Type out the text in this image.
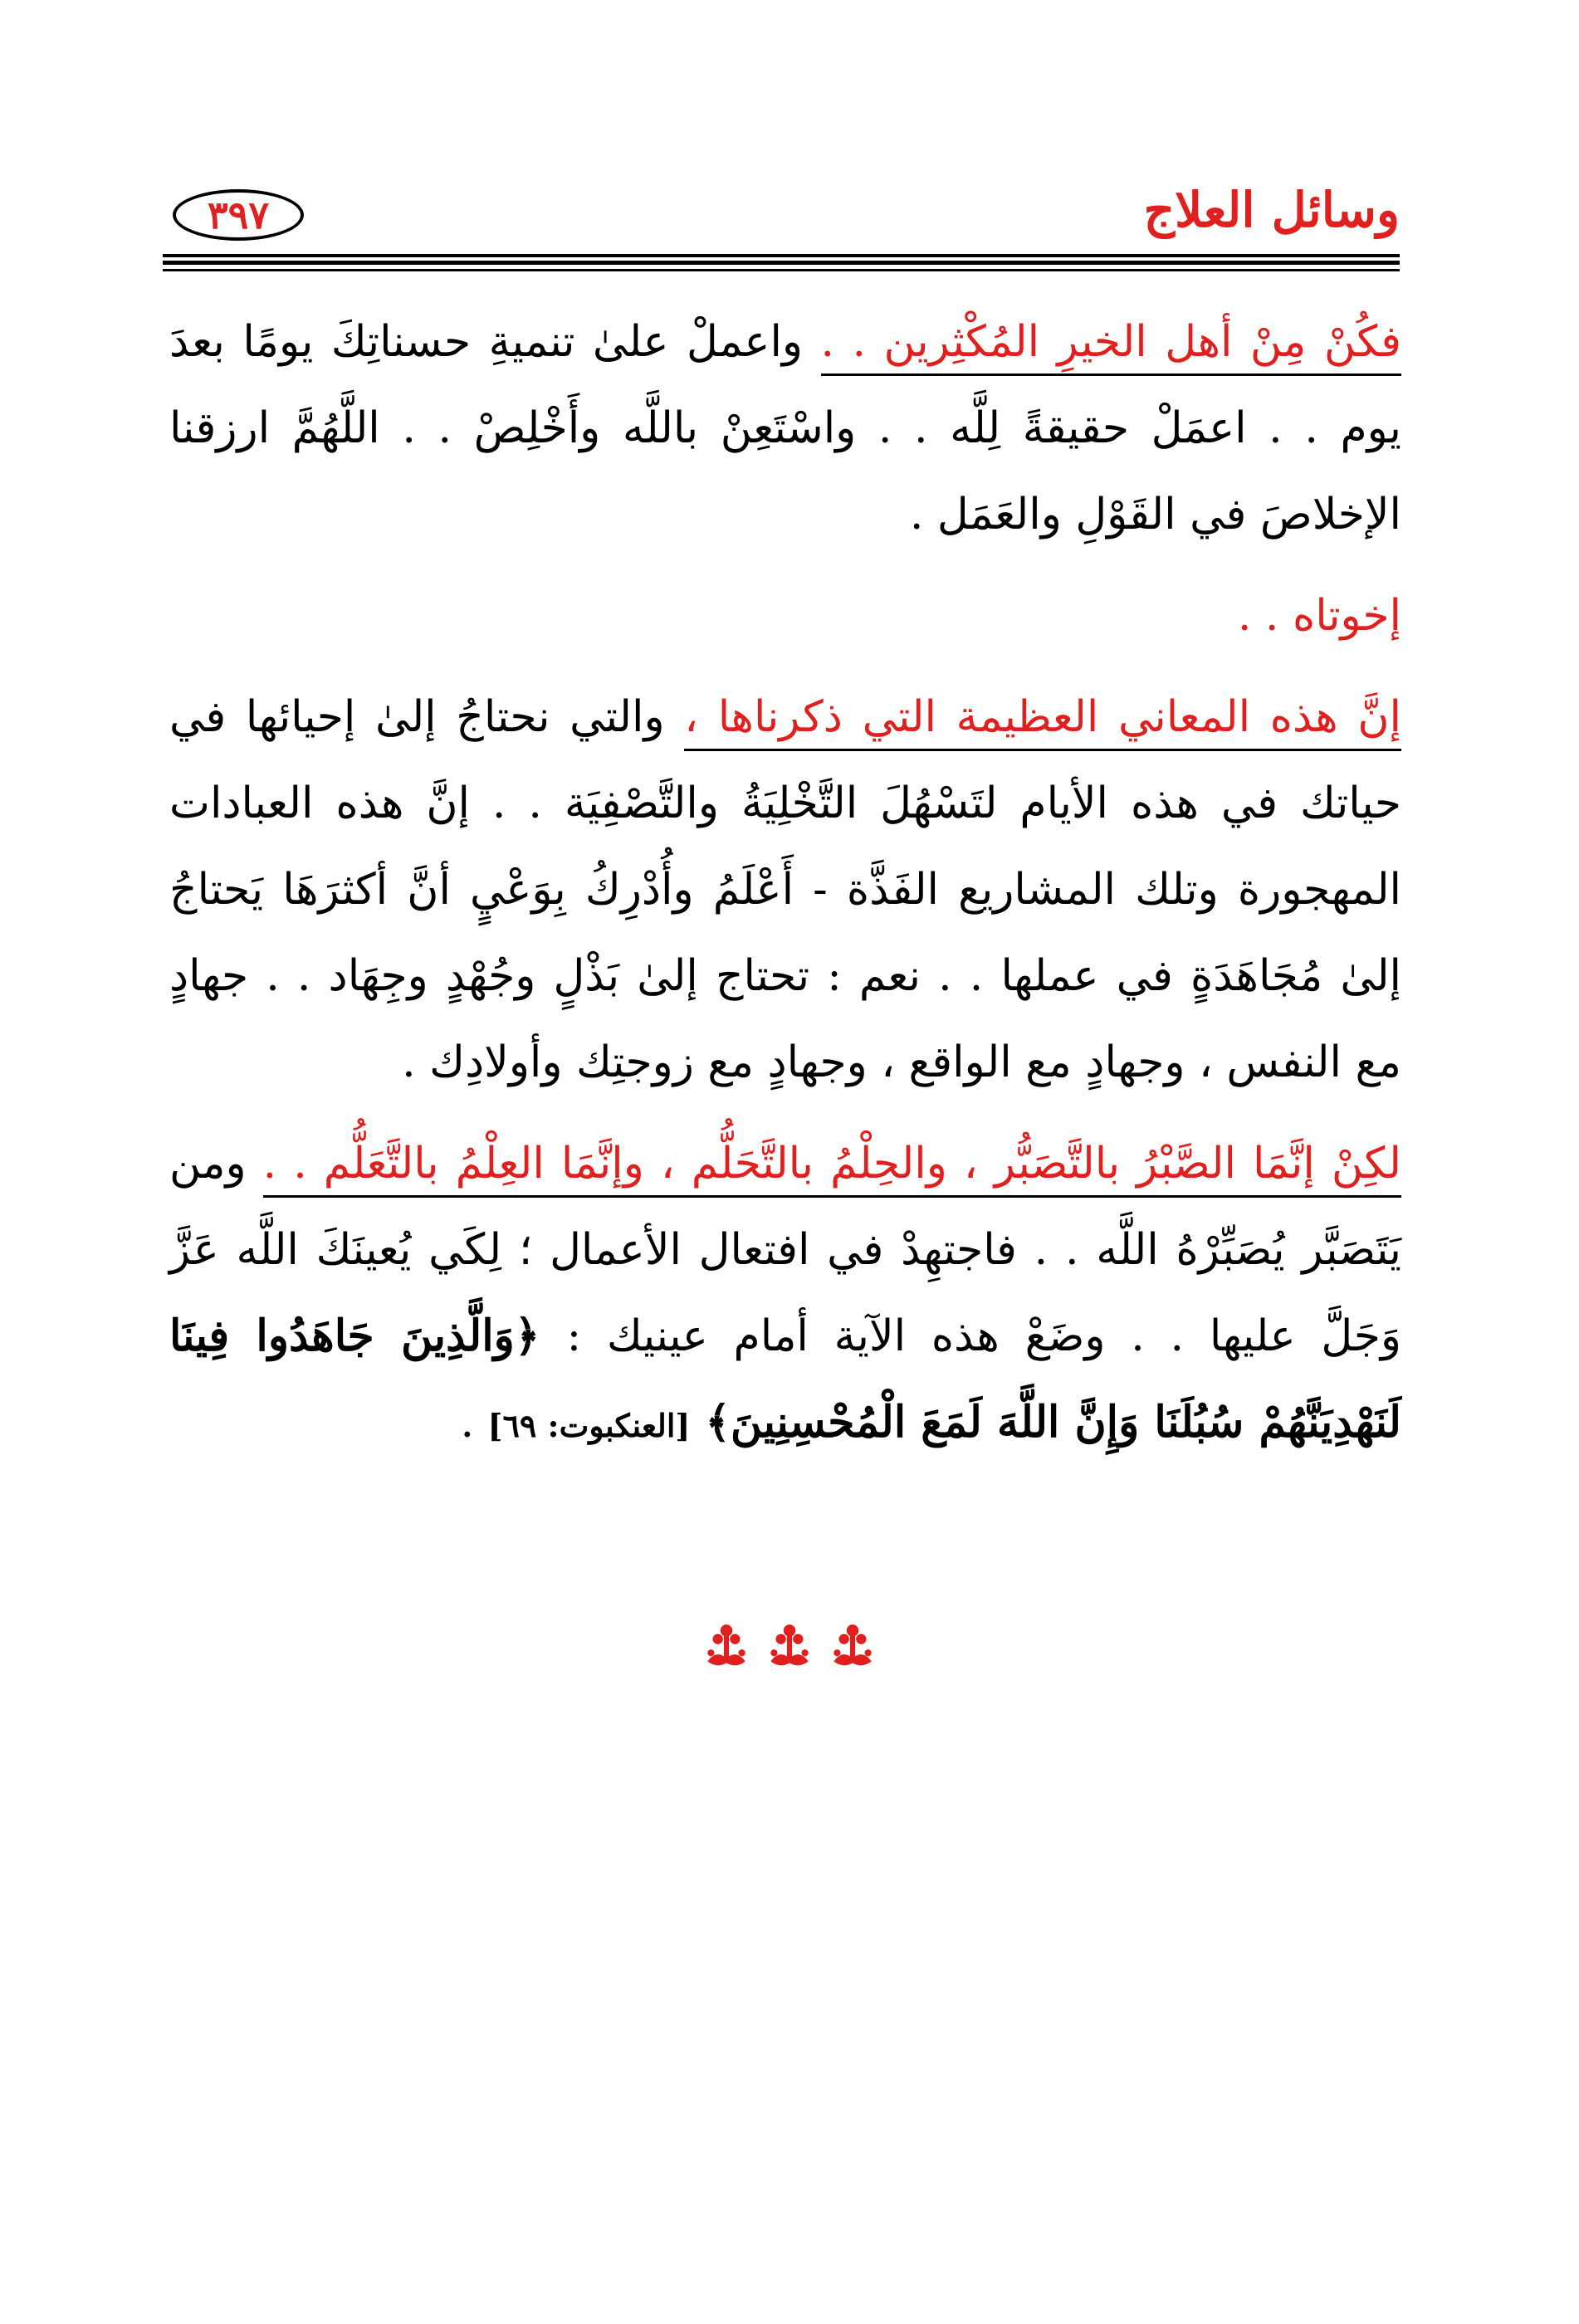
وسائل العلاج
٣٩٧

فكُنْ مِنْ أهل الخيرِ المُكْثِرين . . واعملْ علىٰ تنميةِ حسناتِكَ يومًا بعدَ يوم . . اعمَلْ حقيقةً لِلَّه . . واسْتَعِنْ باللَّه وأَخْلِصْ . . اللَّهُمَّ ارزقنا الإخلاصَ في القَوْلِ والعَمَل .

إخوتاه . .

إنَّ هذه المعاني العظيمة التي ذكرناها ، والتي نحتاجُ إلىٰ إحيائها في حياتك في هذه الأيام لتَسْهُلَ التَّخْلِيَةُ والتَّصْفِيَة . . إنَّ هذه العبادات المهجورة وتلك المشاريع الفَذَّة - أَعْلَمُ وأُدْرِكُ بِوَعْيٍ أنَّ أكثرَهَا يَحتاجُ إلىٰ مُجَاهَدَةٍ في عملها . . نعم : تحتاج إلىٰ بَذْلٍ وجُهْدٍ وجِهَاد . . جهادٍ مع النفس ، وجهادٍ مع الواقع ، وجهادٍ مع زوجتِك وأولادِك .

لكِنْ إنَّمَا الصَّبْرُ بالتَّصَبُّر ، والحِلْمُ بالتَّحَلُّم ، وإنَّمَا العِلْمُ بالتَّعَلُّم . . ومن يَتَصَبَّر يُصَبِّرْهُ اللَّه . . فاجتهِدْ في افتعال الأعمال ؛ لِكَي يُعينَكَ اللَّه عَزَّ وَجَلَّ عليها . . وضَعْ هذه الآية أمام عينيك : ﴿وَالَّذِينَ جَاهَدُوا فِينَا لَنَهْدِيَنَّهُمْ سُبُلَنَا وَإِنَّ اللَّهَ لَمَعَ الْمُحْسِنِينَ﴾ [العنكبوت: ٦٩] .
